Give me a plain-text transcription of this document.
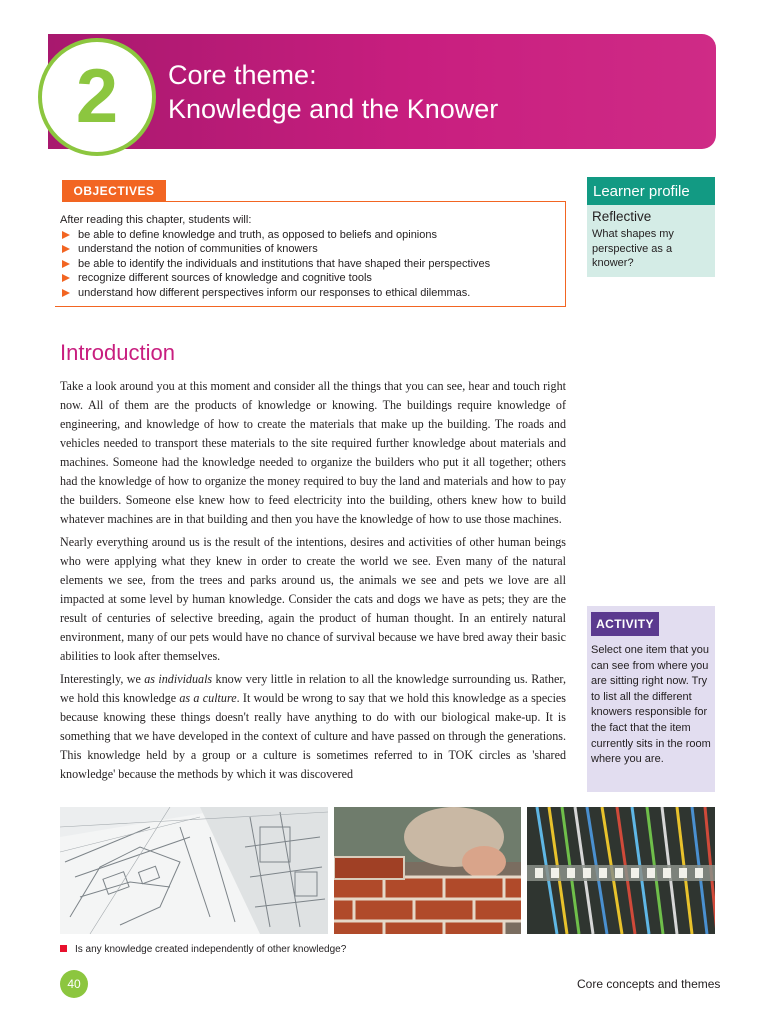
2 Core theme:
Knowledge and the Knower
OBJECTIVES
After reading this chapter, students will:
be able to define knowledge and truth, as opposed to beliefs and opinions
understand the notion of communities of knowers
be able to identify the individuals and institutions that have shaped their perspectives
recognize different sources of knowledge and cognitive tools
understand how different perspectives inform our responses to ethical dilemmas.
Learner profile
Reflective
What shapes my perspective as a knower?
Introduction

Take a look around you at this moment and consider all the things that you can see, hear and touch right now. All of them are the products of knowledge or knowing. The buildings require knowledge of engineering, and knowledge of how to create the materials that make up the building. The roads and vehicles needed to transport these materials to the site required further knowledge about materials and machines. Someone had the knowledge needed to organize the builders who put it all together; others had the knowledge of how to organize the money required to buy the land and materials and how to pay the builders. Someone else knew how to feed electricity into the building, others knew how to build whatever machines are in that building and then you have the knowledge of how to use those machines.

Nearly everything around us is the result of the intentions, desires and activities of other human beings who were applying what they knew in order to create the world we see. Even many of the natural elements we see, from the trees and parks around us, the animals we see and pets we love are all impacted at some level by human knowledge. Consider the cats and dogs we have as pets; they are the result of centuries of selective breeding, again the product of human thought. In an entirely natural environment, many of our pets would have no chance of survival because we have bred away their basic abilities to look after themselves.

Interestingly, we as individuals know very little in relation to all the knowledge surrounding us. Rather, we hold this knowledge as a culture. It would be wrong to say that we hold this knowledge as a species because knowing these things doesn't really have anything to do with our biological make-up. It is something that we have developed in the context of culture and have passed on through the generations. This knowledge held by a group or a culture is sometimes referred to in TOK circles as 'shared knowledge' because the methods by which it was discovered

ACTIVITY
Select one item that you can see from where you are sitting right now. Try to list all the different knowers responsible for the fact that the item currently sits in the room where you are.
Is any knowledge created independently of other knowledge?
40	Core concepts and themes
